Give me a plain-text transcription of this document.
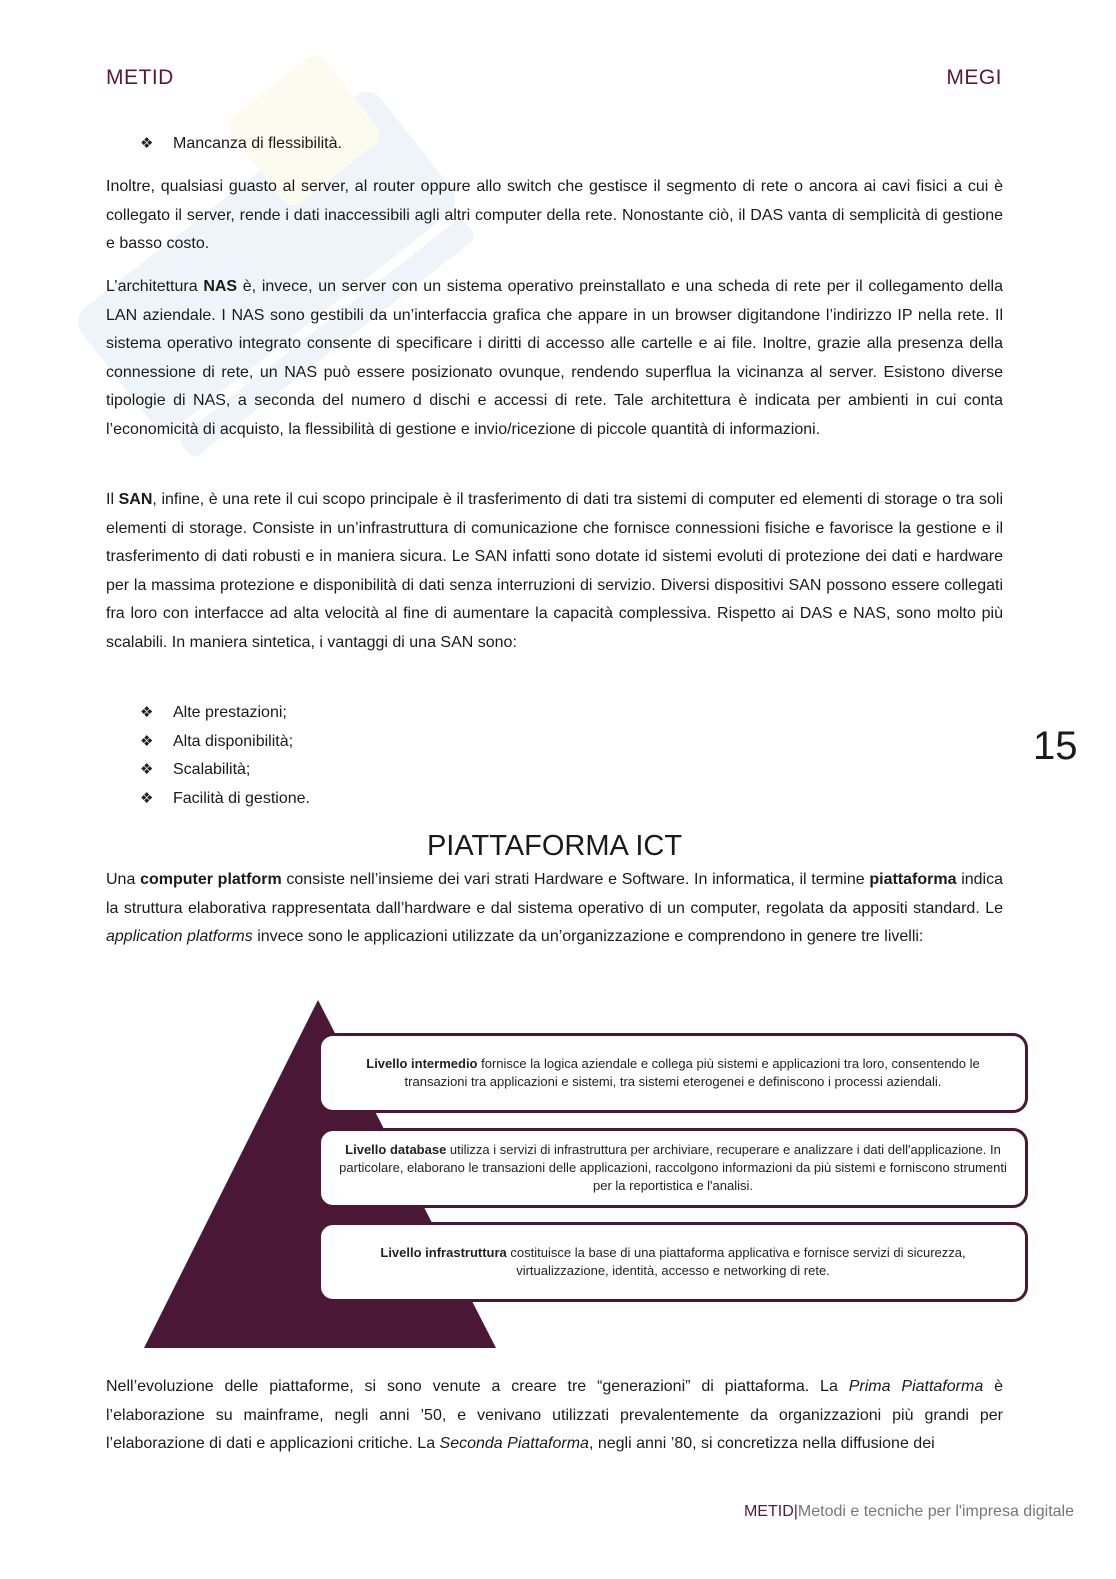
METID	MEGI
❖ Mancanza di flessibilità.

Inoltre, qualsiasi guasto al server, al router oppure allo switch che gestisce il segmento di rete o ancora ai cavi fisici a cui è collegato il server, rende i dati inaccessibili agli altri computer della rete. Nonostante ciò, il DAS vanta di semplicità di gestione e basso costo.

L’architettura NAS è, invece, un server con un sistema operativo preinstallato e una scheda di rete per il collegamento della LAN aziendale. I NAS sono gestibili da un’interfaccia grafica che appare in un browser digitandone l’indirizzo IP nella rete. Il sistema operativo integrato consente di specificare i diritti di accesso alle cartelle e ai file. Inoltre, grazie alla presenza della connessione di rete, un NAS può essere posizionato ovunque, rendendo superflua la vicinanza al server. Esistono diverse tipologie di NAS, a seconda del numero d dischi e accessi di rete. Tale architettura è indicata per ambienti in cui conta l’economicità di acquisto, la flessibilità di gestione e invio/ricezione di piccole quantità di informazioni.

Il SAN, infine, è una rete il cui scopo principale è il trasferimento di dati tra sistemi di computer ed elementi di storage o tra soli elementi di storage. Consiste in un’infrastruttura di comunicazione che fornisce connessioni fisiche e favorisce la gestione e il trasferimento di dati robusti e in maniera sicura. Le SAN infatti sono dotate id sistemi evoluti di protezione dei dati e hardware per la massima protezione e disponibilità di dati senza interruzioni di servizio. Diversi dispositivi SAN possono essere collegati fra loro con interfacce ad alta velocità al fine di aumentare la capacità complessiva. Rispetto ai DAS e NAS, sono molto più scalabili. In maniera sintetica, i vantaggi di una SAN sono:

❖ Alte prestazioni;
❖ Alta disponibilità;
❖ Scalabilità;
❖ Facilità di gestione.
PIATTAFORMA ICT

Una computer platform consiste nell’insieme dei vari strati Hardware e Software. In informatica, il termine piattaforma indica la struttura elaborativa rappresentata dall’hardware e dal sistema operativo di un computer, regolata da appositi standard. Le application platforms invece sono le applicazioni utilizzate da un’organizzazione e comprendono in genere tre livelli:

Livello intermedio fornisce la logica aziendale e collega più sistemi e applicazioni tra loro, consentendo le transazioni tra applicazioni e sistemi, tra sistemi eterogenei e definiscono i processi aziendali.
Livello database utilizza i servizi di infrastruttura per archiviare, recuperare e analizzare i dati dell'applicazione. In particolare, elaborano le transazioni delle applicazioni, raccolgono informazioni da più sistemi e forniscono strumenti per la reportistica e l'analisi.
Livello infrastruttura costituisce la base di una piattaforma applicativa e fornisce servizi di sicurezza, virtualizzazione, identità, accesso e networking di rete.

Nell’evoluzione delle piattaforme, si sono venute a creare tre “generazioni” di piattaforma. La Prima Piattaforma è l’elaborazione su mainframe, negli anni ’50, e venivano utilizzati prevalentemente da organizzazioni più grandi per l’elaborazione di dati e applicazioni critiche. La Seconda Piattaforma, negli anni ’80, si concretizza nella diffusione dei

15
METID|Metodi e tecniche per l'impresa digitale
